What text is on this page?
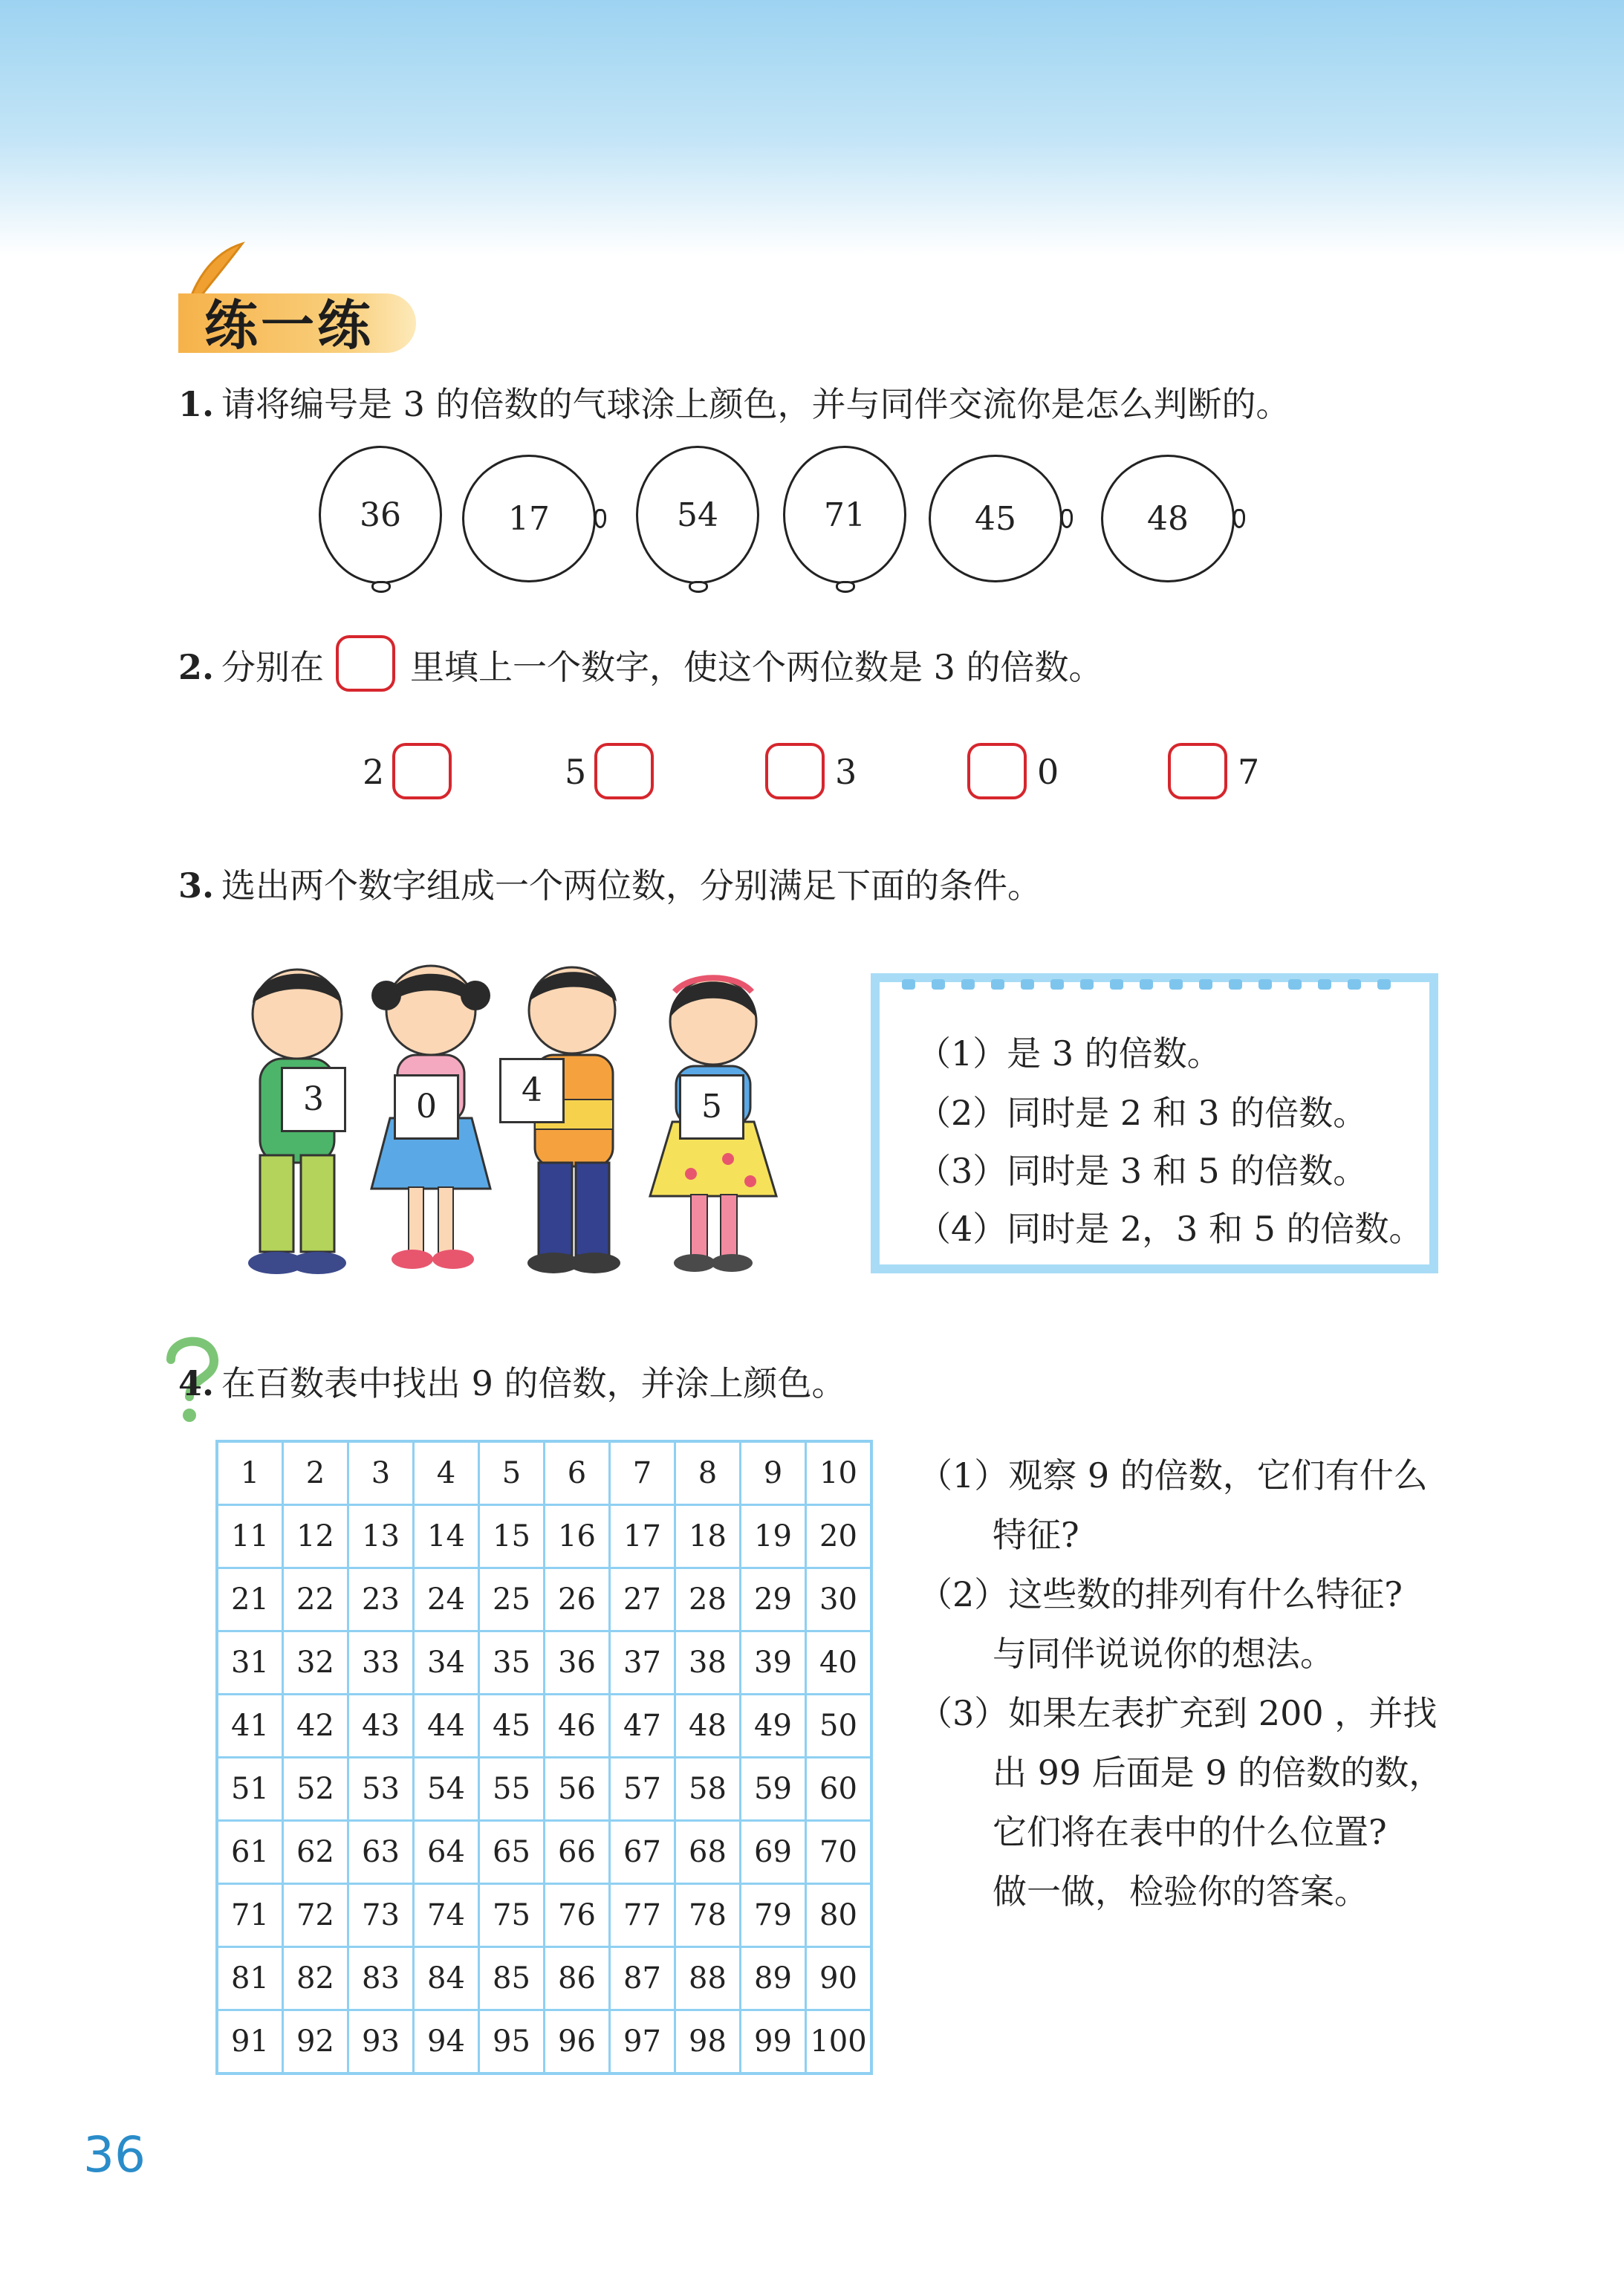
练一练
1. 请将编号是 3 的倍数的气球涂上颜色，并与同伴交流你是怎么判断的。
36	17	54	71	45	48
2. 分别在	里填上一个数字，使这个两位数是 3 的倍数。
2	5	3	0	7
3. 选出两个数字组成一个两位数，分别满足下面的条件。
3	0	4	5
（1）是 3 的倍数。
（2）同时是 2 和 3 的倍数。
（3）同时是 3 和 5 的倍数。
（4）同时是 2，3 和 5 的倍数。
4. 在百数表中找出 9 的倍数，并涂上颜色。
1	2	3	4	5	6	7	8	9	10
11	12	13	14	15	16	17	18	19	20
21	22	23	24	25	26	27	28	29	30
31	32	33	34	35	36	37	38	39	40
41	42	43	44	45	46	47	48	49	50
51	52	53	54	55	56	57	58	59	60
61	62	63	64	65	66	67	68	69	70
71	72	73	74	75	76	77	78	79	80
81	82	83	84	85	86	87	88	89	90
91	92	93	94	95	96	97	98	99	100
（1）观察 9 的倍数，它们有什么
特征?
（2）这些数的排列有什么特征?
与同伴说说你的想法。
（3）如果左表扩充到 200 ，并找
出 99 后面是 9 的倍数的数，
它们将在表中的什么位置?
做一做，检验你的答案。
36
